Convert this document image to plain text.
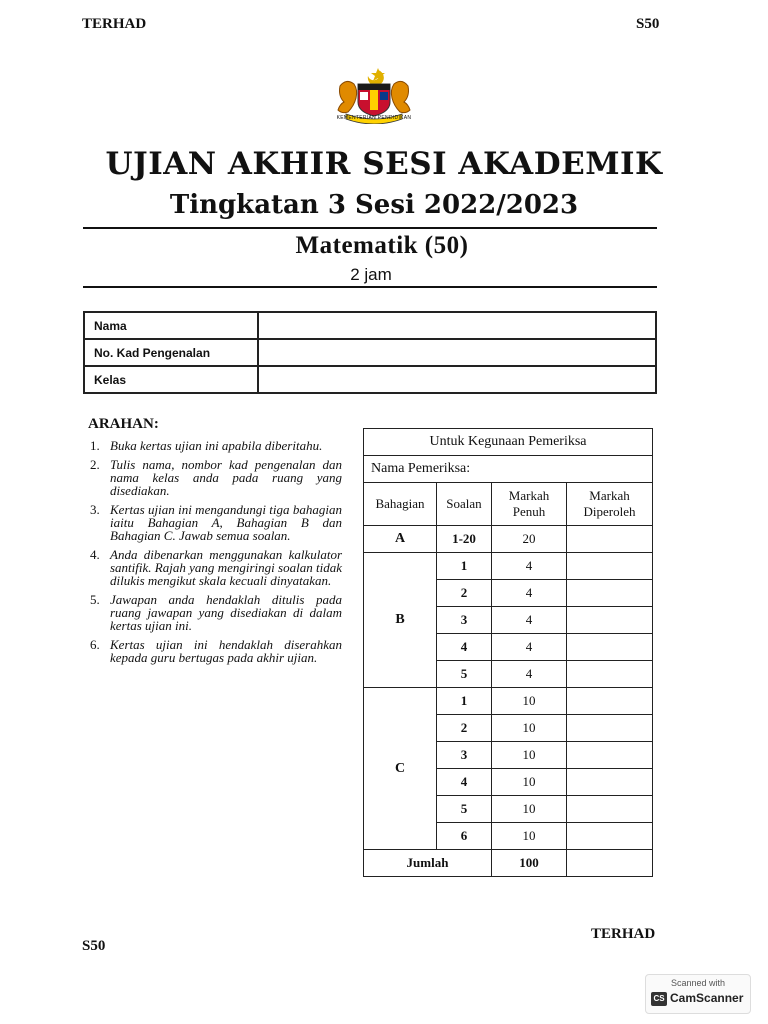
TERHAD	S50
KEMENTERIAN PENDIDIKAN
UJIAN AKHIR SESI AKADEMIK
Tingkatan 3 Sesi 2022/2023
Matematik (50)
2 jam
Nama	
No. Kad Pengenalan	
Kelas	
ARAHAN:
1. Buka kertas ujian ini apabila diberitahu.
2. Tulis nama, nombor kad pengenalan dan nama kelas anda pada ruang yang disediakan.
3. Kertas ujian ini mengandungi tiga bahagian iaitu Bahagian A, Bahagian B dan Bahagian C. Jawab semua soalan.
4. Anda dibenarkan menggunakan kalkulator santifik. Rajah yang mengiringi soalan tidak dilukis mengikut skala kecuali dinyatakan.
5. Jawapan anda hendaklah ditulis pada ruang jawapan yang disediakan di dalam kertas ujian ini.
6. Kertas ujian ini hendaklah diserahkan kepada guru bertugas pada akhir ujian.
Untuk Kegunaan Pemeriksa			
Nama Pemeriksa:			
Bahagian	Soalan	Markah Penuh	Markah Diperoleh
A	1-20	20	
B	1	4	
	2	4	
	3	4	
	4	4	
	5	4	
C	1	10	
	2	10	
	3	10	
	4	10	
	5	10	
	6	10	
Jumlah		100	
TERHAD
S50
Scanned with
CS CamScanner
